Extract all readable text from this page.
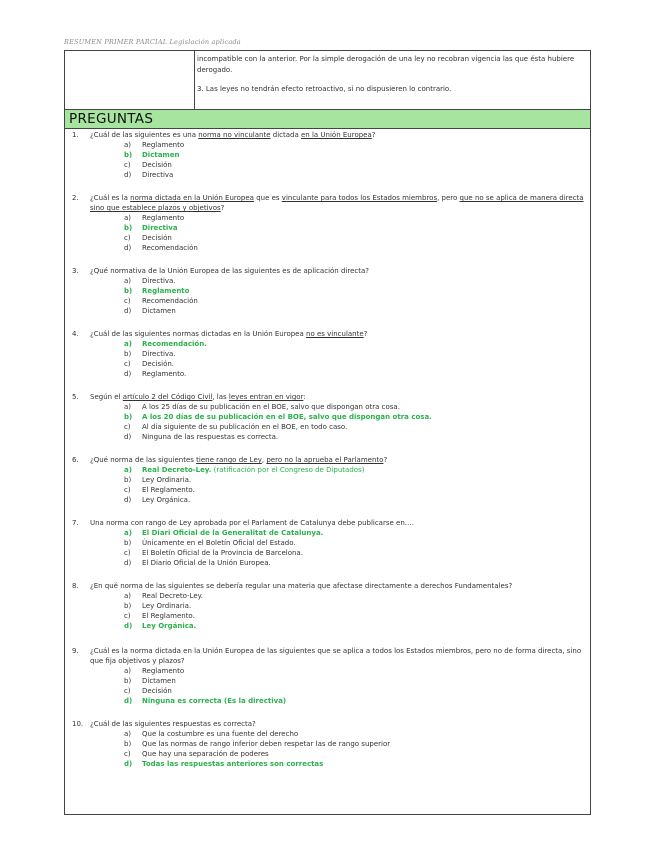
RESUMEN PRIMER PARCIAL Legislación aplicada

incompatible con la anterior. Por la simple derogación de una ley no recobran vigencia las que ésta hubiere derogado.

3. Las leyes no tendrán efecto retroactivo, si no dispusieren lo contrario.

PREGUNTAS
1.	¿Cuál de las siguientes es una norma no vinculante dictada en la Unión Europea?
a) Reglamento
b) Dictamen
c) Decisión
d) Directiva
2.	¿Cuál es la norma dictada en la Unión Europea que es vinculante para todos los Estados miembros, pero que no se aplica de manera directa sino que establece plazos y objetivos?
a) Reglamento
b) Directiva
c) Decisión
d) Recomendación
3.	¿Qué normativa de la Unión Europea de las siguientes es de aplicación directa?
a) Directiva.
b) Reglamento
c) Recomendación
d) Dictamen
4.	¿Cuál de las siguientes normas dictadas en la Unión Europea no es vinculante?
a) Recomendación.
b) Directiva.
c) Decisión.
d) Reglamento.
5.	Según el artículo 2 del Código Civil, las leyes entran en vigor:
a) A los 25 días de su publicación en el BOE, salvo que dispongan otra cosa.
b) A los 20 días de su publicación en el BOE, salvo que dispongan otra cosa.
c) Al día siguiente de su publicación en el BOE, en todo caso.
d) Ninguna de las respuestas es correcta.
6.	¿Qué norma de las siguientes tiene rango de Ley, pero no la aprueba el Parlamento?
a) Real Decreto-Ley. (ratificación por el Congreso de Diputados)
b) Ley Ordinaria.
c) El Reglamento.
d) Ley Orgánica.
7.	Una norma con rango de Ley aprobada por el Parlament de Catalunya debe publicarse en….
a) El Diari Oficial de la Generalitat de Catalunya.
b) Únicamente en el Boletín Oficial del Estado.
c) El Boletín Oficial de la Provincia de Barcelona.
d) El Diario Oficial de la Unión Europea.
8.	¿En qué norma de las siguientes se debería regular una materia que afectase directamente a derechos Fundamentales?
a) Real Decreto-Ley.
b) Ley Ordinaria.
c) El Reglamento.
d) Ley Orgánica.
9.	¿Cuál es la norma dictada en la Unión Europea de las siguientes que se aplica a todos los Estados miembros, pero no de forma directa, sino que fija objetivos y plazos?
a) Reglamento
b) Dictamen
c) Decisión
d) Ninguna es correcta (Es la directiva)
10. ¿Cuál de las siguientes respuestas es correcta?
a) Que la costumbre es una fuente del derecho
b) Que las normas de rango inferior deben respetar las de rango superior
c) Que hay una separación de poderes
d) Todas las respuestas anteriores son correctas
